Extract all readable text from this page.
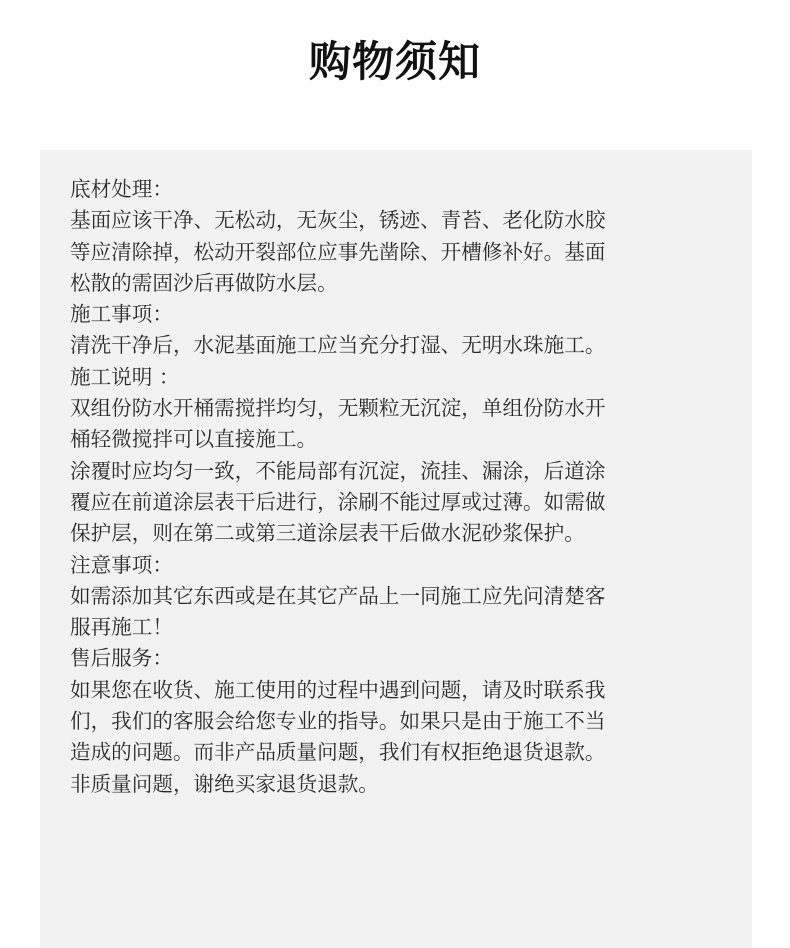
购物须知
底材处理：
基面应该干净、无松动，无灰尘，锈迹、青苔、老化防水胶
等应清除掉，松动开裂部位应事先凿除、开槽修补好。基面
松散的需固沙后再做防水层。
施工事项：
清洗干净后，水泥基面施工应当充分打湿、无明水珠施工。
施工说明 ：
双组份防水开桶需搅拌均匀，无颗粒无沉淀，单组份防水开
桶轻微搅拌可以直接施工。
涂覆时应均匀一致，不能局部有沉淀，流挂、漏涂，后道涂
覆应在前道涂层表干后进行，涂刷不能过厚或过薄。如需做
保护层，则在第二或第三道涂层表干后做水泥砂浆保护。
注意事项：
如需添加其它东西或是在其它产品上一同施工应先问清楚客
服再施工！
售后服务：
如果您在收货、施工使用的过程中遇到问题，请及时联系我
们，我们的客服会给您专业的指导。如果只是由于施工不当
造成的问题。而非产品质量问题，我们有权拒绝退货退款。
非质量问题，谢绝买家退货退款。
